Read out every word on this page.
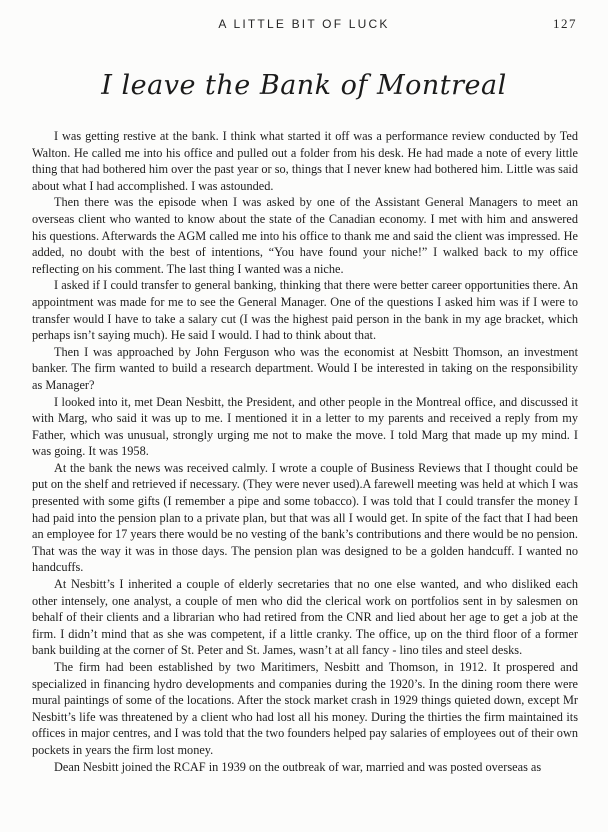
A LITTLE BIT OF LUCK	127
I leave the Bank of Montreal

I was getting restive at the bank. I think what started it off was a performance review conducted by Ted Walton. He called me into his office and pulled out a folder from his desk. He had made a note of every little thing that had bothered him over the past year or so, things that I never knew had bothered him. Little was said about what I had accomplished. I was astounded.

Then there was the episode when I was asked by one of the Assistant General Managers to meet an overseas client who wanted to know about the state of the Canadian economy. I met with him and answered his questions. Afterwards the AGM called me into his office to thank me and said the client was impressed. He added, no doubt with the best of intentions, “You have found your niche!” I walked back to my office reflecting on his comment. The last thing I wanted was a niche.

I asked if I could transfer to general banking, thinking that there were better career opportunities there. An appointment was made for me to see the General Manager. One of the questions I asked him was if I were to transfer would I have to take a salary cut (I was the highest paid person in the bank in my age bracket, which perhaps isn’t saying much). He said I would. I had to think about that.

Then I was approached by John Ferguson who was the economist at Nesbitt Thomson, an investment banker. The firm wanted to build a research department. Would I be interested in taking on the responsibility as Manager?

I looked into it, met Dean Nesbitt, the President, and other people in the Montreal office, and discussed it with Marg, who said it was up to me. I mentioned it in a letter to my parents and received a reply from my Father, which was unusual, strongly urging me not to make the move. I told Marg that made up my mind. I was going. It was 1958.

At the bank the news was received calmly. I wrote a couple of Business Reviews that I thought could be put on the shelf and retrieved if necessary. (They were never used).A farewell meeting was held at which I was presented with some gifts (I remember a pipe and some tobacco). I was told that I could transfer the money I had paid into the pension plan to a private plan, but that was all I would get. In spite of the fact that I had been an employee for 17 years there would be no vesting of the bank’s contributions and there would be no pension. That was the way it was in those days. The pension plan was designed to be a golden handcuff. I wanted no handcuffs.

At Nesbitt’s I inherited a couple of elderly secretaries that no one else wanted, and who disliked each other intensely, one analyst, a couple of men who did the clerical work on portfolios sent in by salesmen on behalf of their clients and a librarian who had retired from the CNR and lied about her age to get a job at the firm. I didn’t mind that as she was competent, if a little cranky. The office, up on the third floor of a former bank building at the corner of St. Peter and St. James, wasn’t at all fancy - lino tiles and steel desks.

The firm had been established by two Maritimers, Nesbitt and Thomson, in 1912. It prospered and specialized in financing hydro developments and companies during the 1920’s. In the dining room there were mural paintings of some of the locations. After the stock market crash in 1929 things quieted down, except Mr Nesbitt’s life was threatened by a client who had lost all his money. During the thirties the firm maintained its offices in major centres, and I was told that the two founders helped pay salaries of employees out of their own pockets in years the firm lost money.

Dean Nesbitt joined the RCAF in 1939 on the outbreak of war, married and was posted overseas as
